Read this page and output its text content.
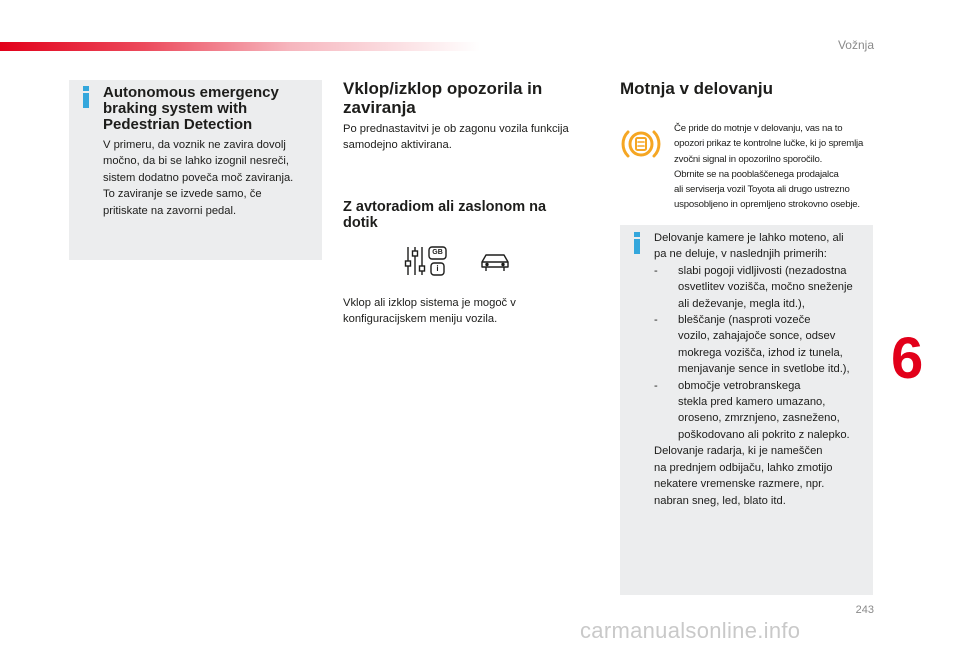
Vožnja
Autonomous emergency
braking system with
Pedestrian Detection
V primeru, da voznik ne zavira dovolj
močno, da bi se lahko izognil nesreči,
sistem dodatno poveča moč zaviranja.
To zaviranje se izvede samo, če
pritiskate na zavorni pedal.
Vklop/izklop opozorila in
zaviranja
Po prednastavitvi je ob zagonu vozila funkcija
samodejno aktivirana.
Z avtoradiom ali zaslonom na
dotik
GB
i
Vklop ali izklop sistema je mogoč v
konfiguracijskem meniju vozila.
Motnja v delovanju
Če pride do motnje v delovanju, vas na to
opozori prikaz te kontrolne lučke, ki jo spremlja
zvočni signal in opozorilno sporočilo.
Obrnite se na pooblaščenega prodajalca
ali serviserja vozil Toyota ali drugo ustrezno
usposobljeno in opremljeno strokovno osebje.
Delovanje kamere je lahko moteno, ali
pa ne deluje, v naslednjih primerih:
- slabi pogoji vidljivosti (nezadostna
osvetlitev vozišča, močno sneženje
ali deževanje, megla itd.),
- bleščanje (nasproti vozeče
vozilo, zahajajoče sonce, odsev
mokrega vozišča, izhod iz tunela,
menjavanje sence in svetlobe itd.),
- območje vetrobranskega
stekla pred kamero umazano,
oroseno, zmrznjeno, zasneženo,
poškodovano ali pokrito z nalepko.
Delovanje radarja, ki je nameščen
na prednjem odbijaču, lahko zmotijo
nekatere vremenske razmere, npr.
nabran sneg, led, blato itd.
6
243
carmanualsonline.info
